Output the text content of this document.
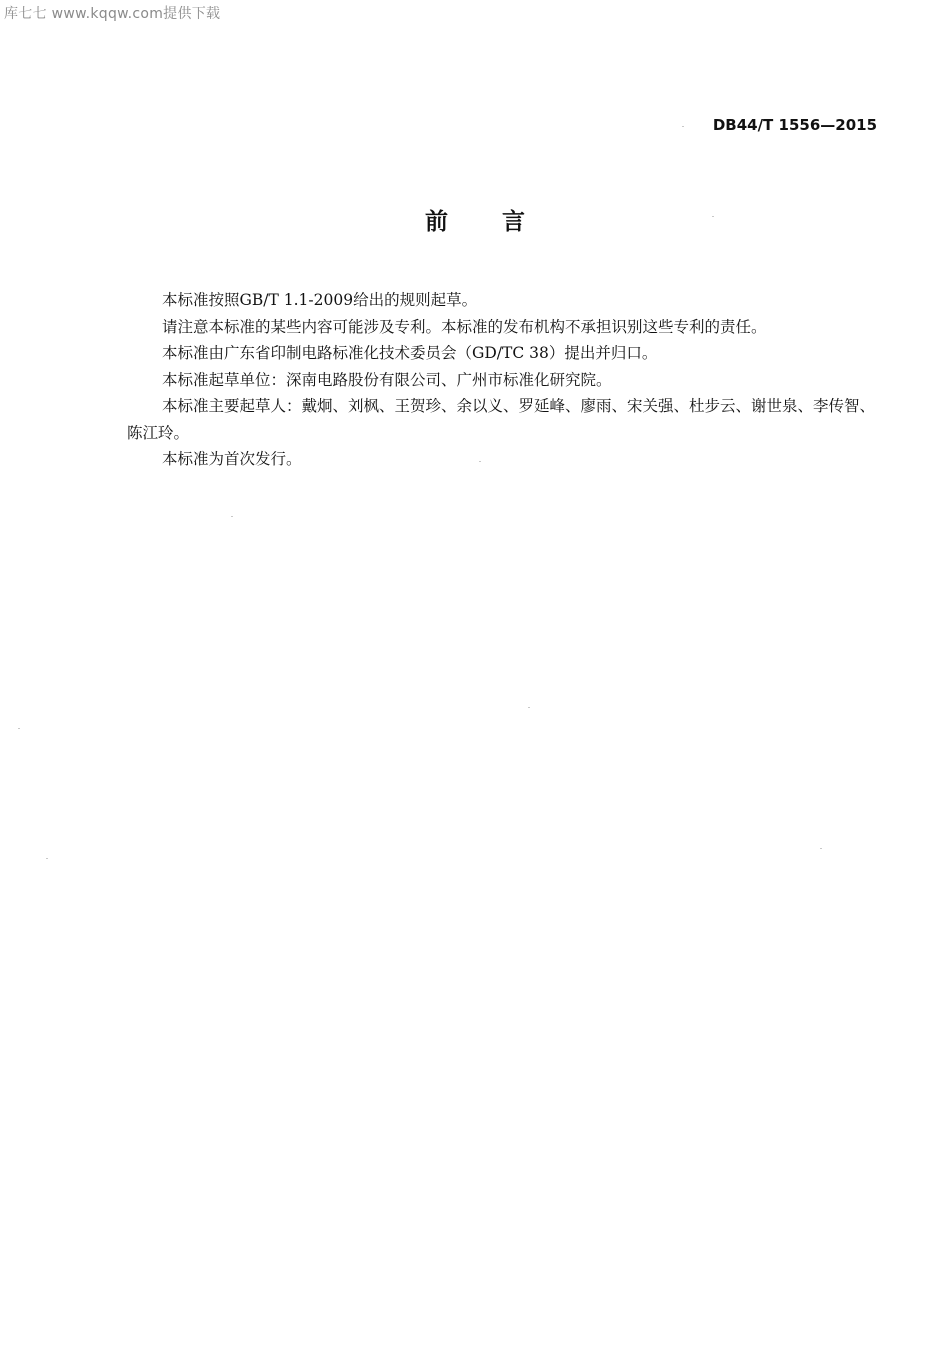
库七七 www.kqqw.com提供下载
DB44/T 1556—2015
前言

本标准按照GB/T 1.1-2009给出的规则起草。

请注意本标准的某些内容可能涉及专利。本标准的发布机构不承担识别这些专利的责任。

本标准由广东省印制电路标准化技术委员会（GD/TC 38）提出并归口。

本标准起草单位：深南电路股份有限公司、广州市标准化研究院。

本标准主要起草人：戴炯、刘枫、王贺珍、余以义、罗延峰、廖雨、宋关强、杜步云、谢世泉、李传智、陈江玲。

本标准为首次发行。
